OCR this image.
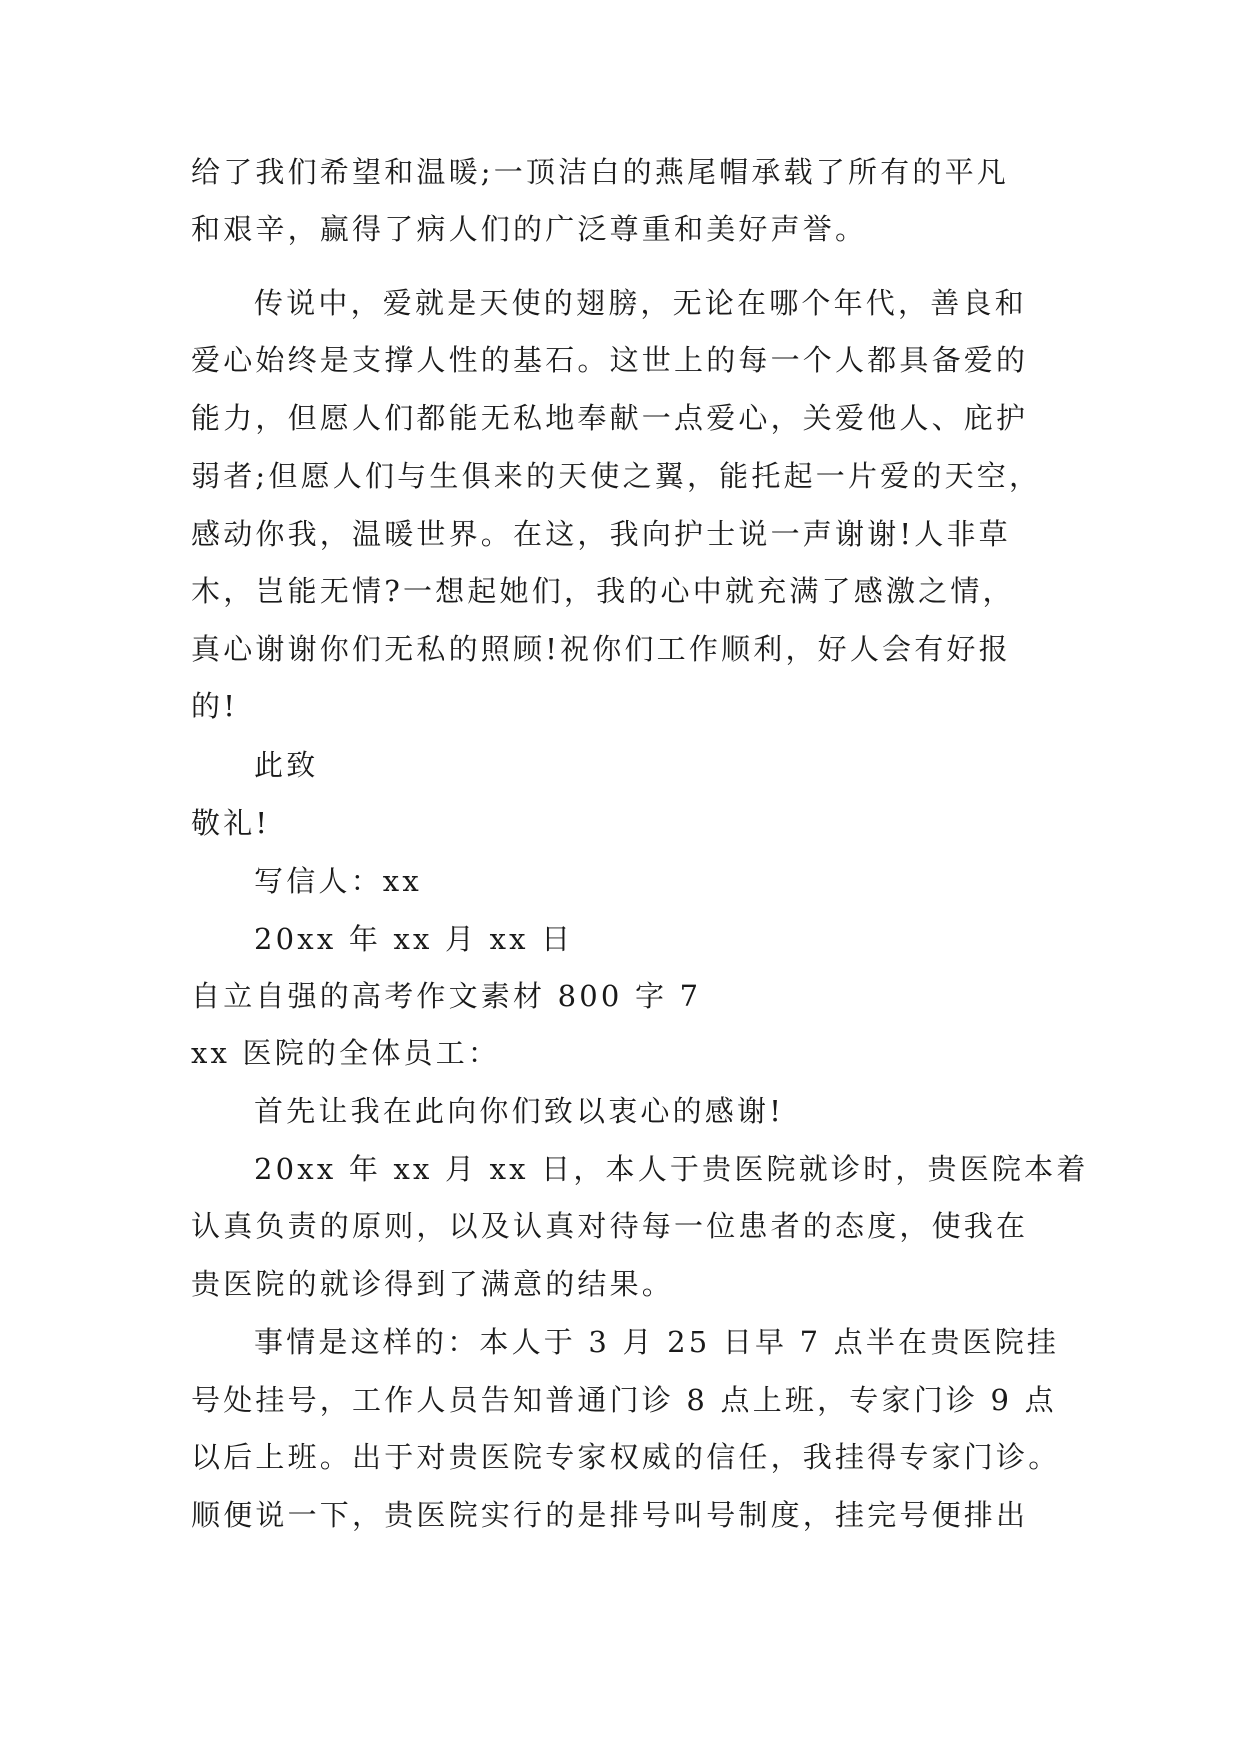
给了我们希望和温暖;一顶洁白的燕尾帽承载了所有的平凡
和艰辛，赢得了病人们的广泛尊重和美好声誉。
传说中，爱就是天使的翅膀，无论在哪个年代，善良和
爱心始终是支撑人性的基石。这世上的每一个人都具备爱的
能力，但愿人们都能无私地奉献一点爱心，关爱他人、庇护
弱者;但愿人们与生俱来的天使之翼，能托起一片爱的天空，
感动你我，温暖世界。在这，我向护士说一声谢谢!人非草
木，岂能无情?一想起她们，我的心中就充满了感激之情，
真心谢谢你们无私的照顾!祝你们工作顺利，好人会有好报
的!
此致
敬礼!
写信人：xx
20xx 年 xx 月 xx 日
自立自强的高考作文素材 800 字 7
xx 医院的全体员工：
首先让我在此向你们致以衷心的感谢!
20xx 年 xx 月 xx 日，本人于贵医院就诊时，贵医院本着
认真负责的原则，以及认真对待每一位患者的态度，使我在
贵医院的就诊得到了满意的结果。
事情是这样的：本人于 3 月 25 日早 7 点半在贵医院挂
号处挂号，工作人员告知普通门诊 8 点上班，专家门诊 9 点
以后上班。出于对贵医院专家权威的信任，我挂得专家门诊。
顺便说一下，贵医院实行的是排号叫号制度，挂完号便排出
